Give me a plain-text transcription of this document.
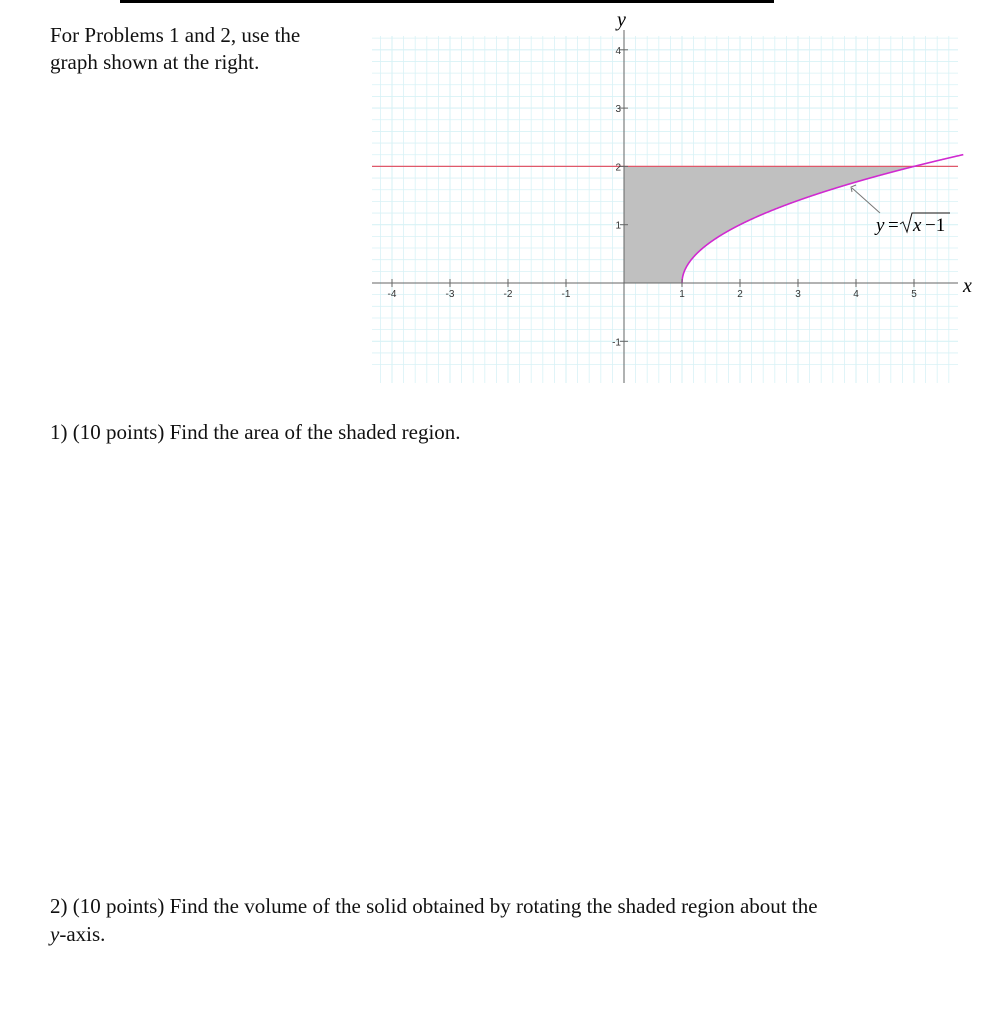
For Problems 1 and 2, use the
graph shown at the right.
-4	-3	-2	-1	1	2	3	4	5
4
3
2
1
-1
y
x
y = x −1
1) (10 points) Find the area of the shaded region.
2) (10 points) Find the volume of the solid obtained by rotating the shaded region about the
y-axis.
